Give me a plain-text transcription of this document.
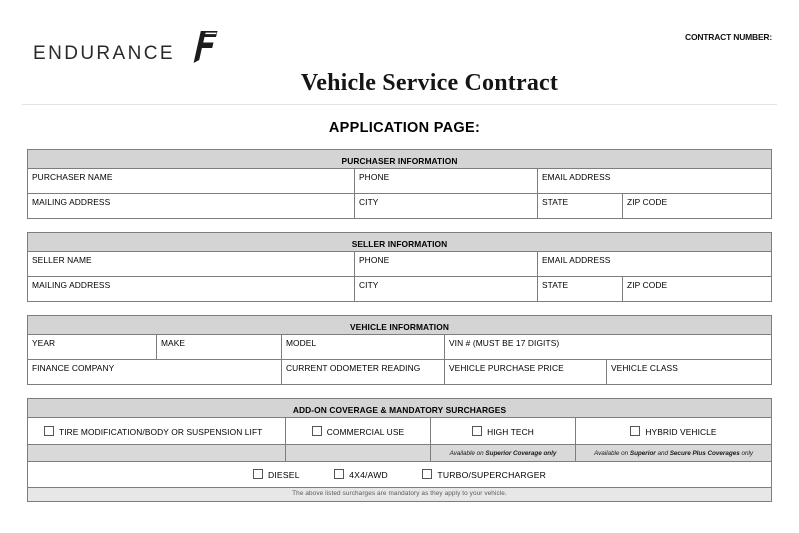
ENDURANCE
CONTRACT NUMBER:
Vehicle Service Contract
APPLICATION PAGE:
PURCHASER INFORMATION			
PURCHASER NAME	PHONE	EMAIL ADDRESS	
MAILING ADDRESS	CITY	STATE	ZIP CODE
SELLER INFORMATION			
SELLER NAME	PHONE	EMAIL ADDRESS	
MAILING ADDRESS	CITY	STATE	ZIP CODE
VEHICLE INFORMATION				
YEAR	MAKE	MODEL	VIN # (MUST BE 17 DIGITS)	
FINANCE COMPANY		CURRENT ODOMETER READING	VEHICLE PURCHASE PRICE	VEHICLE CLASS
ADD-ON COVERAGE & MANDATORY SURCHARGES			
TIRE MODIFICATION/BODY OR SUSPENSION LIFT	COMMERCIAL USE	HIGH TECH	HYBRID VEHICLE
		Available on Superior Coverage only	Available on Superior and Secure Plus Coverages only
DIESEL 4X4/AWD TURBO/SUPERCHARGER			
The above listed surcharges are mandatory as they apply to your vehicle.			
